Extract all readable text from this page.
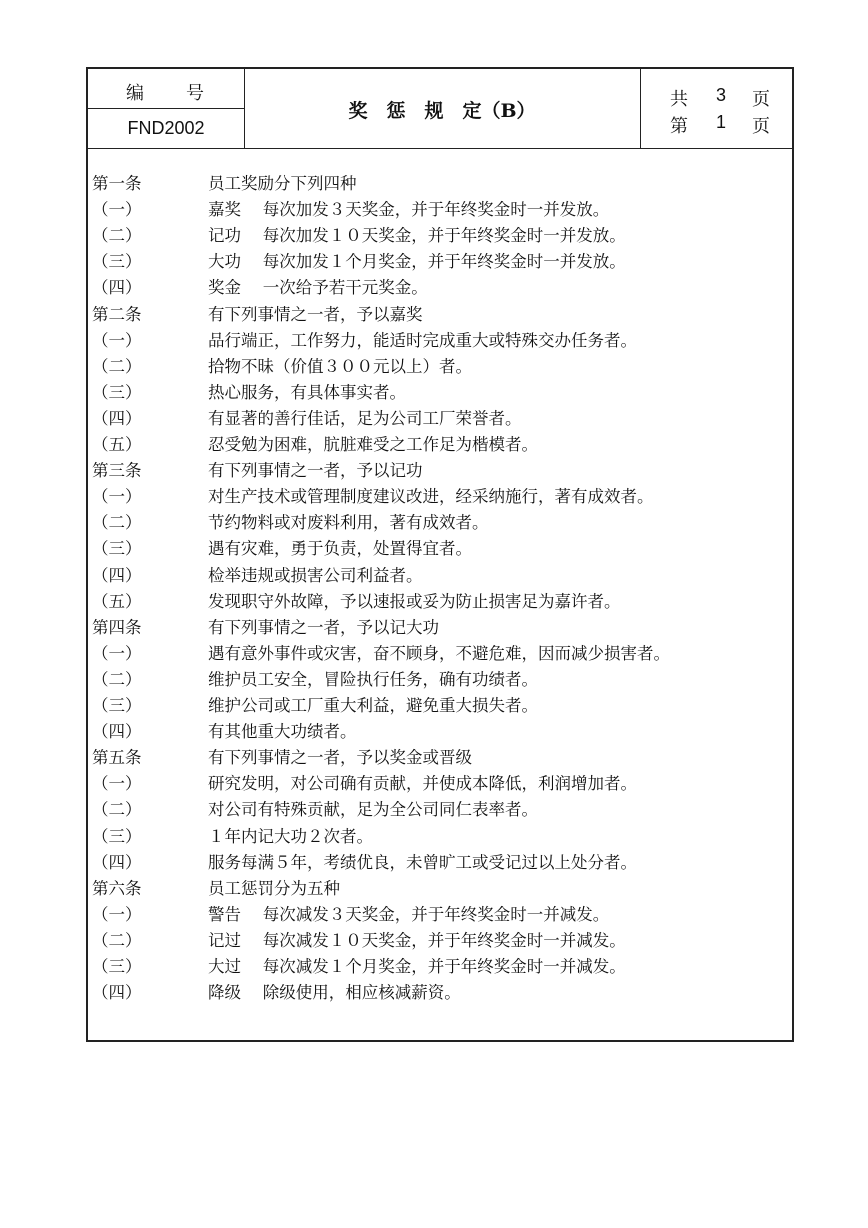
编　　号
FND2002
奖　惩　规　定（B）
共 3 页
第 1 页
第一条	员工奖励分下列四种
（一）	嘉奖　 每次加发３天奖金，并于年终奖金时一并发放。
（二）	记功　 每次加发１０天奖金，并于年终奖金时一并发放。
（三）	大功　 每次加发１个月奖金，并于年终奖金时一并发放。
（四）	奖金　 一次给予若干元奖金。
第二条	有下列事情之一者，予以嘉奖
（一）	品行端正，工作努力，能适时完成重大或特殊交办任务者。
（二）	拾物不昧（价值３００元以上）者。
（三）	热心服务，有具体事实者。
（四）	有显著的善行佳话，足为公司工厂荣誉者。
（五）	忍受勉为困难，肮脏难受之工作足为楷模者。
第三条	有下列事情之一者，予以记功
（一）	对生产技术或管理制度建议改进，经采纳施行，著有成效者。
（二）	节约物料或对废料利用，著有成效者。
（三）	遇有灾难，勇于负责，处置得宜者。
（四）	检举违规或损害公司利益者。
（五）	发现职守外故障，予以速报或妥为防止损害足为嘉许者。
第四条	有下列事情之一者，予以记大功
（一）	遇有意外事件或灾害，奋不顾身，不避危难，因而减少损害者。
（二）	维护员工安全，冒险执行任务，确有功绩者。
（三）	维护公司或工厂重大利益，避免重大损失者。
（四）	有其他重大功绩者。
第五条	有下列事情之一者，予以奖金或晋级
（一）	研究发明，对公司确有贡献，并使成本降低，利润增加者。
（二）	对公司有特殊贡献，足为全公司同仁表率者。
（三）	１年内记大功２次者。
（四）	服务每满５年，考绩优良，未曾旷工或受记过以上处分者。
第六条	员工惩罚分为五种
（一）	警告　 每次减发３天奖金，并于年终奖金时一并减发。
（二）	记过　 每次减发１０天奖金，并于年终奖金时一并减发。
（三）	大过　 每次减发１个月奖金，并于年终奖金时一并减发。
（四）	降级　 除级使用，相应核减薪资。
